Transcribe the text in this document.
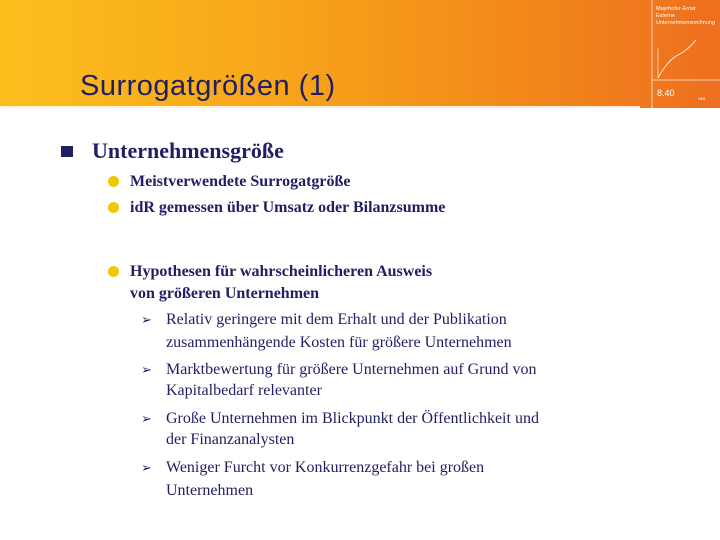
Mayrhofer-Ernst
Externe
Unternehmensrechnung
8.40
UNI
Surrogatgrößen (1)
Unternehmensgröße
Meistverwendete Surrogatgröße
idR gemessen über Umsatz oder Bilanzsumme
Hypothesen für wahrscheinlicheren Ausweis
von größeren Unternehmen
➢ Relativ geringere mit dem Erhalt und der Publikation
zusammenhängende Kosten für größere Unternehmen
➢ Marktbewertung für größere Unternehmen auf Grund von
Kapitalbedarf relevanter
➢ Große Unternehmen im Blickpunkt der Öffentlichkeit und
der Finanzanalysten
➢ Weniger Furcht vor Konkurrenzgefahr bei großen
Unternehmen
